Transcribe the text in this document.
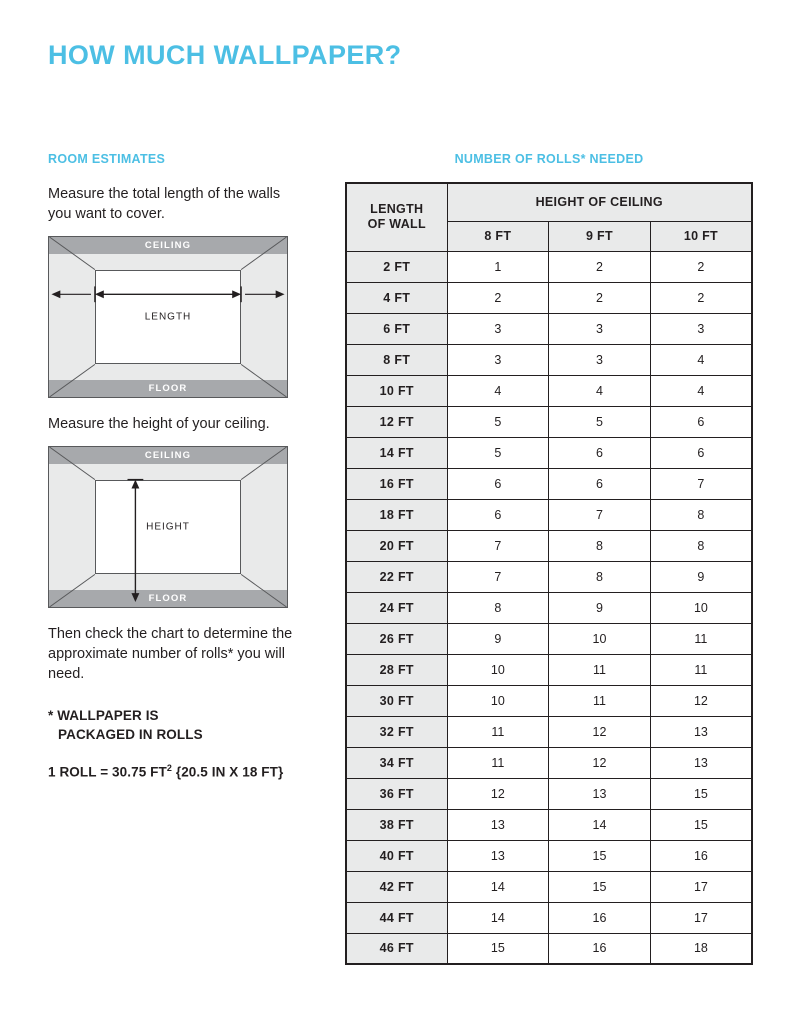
HOW MUCH WALLPAPER?
ROOM ESTIMATES

Measure the total length of the walls you want to cover.

CEILING
FLOOR
LENGTH

Measure the height of your ceiling.

CEILING
FLOOR
HEIGHT

Then check the chart to determine the approximate number of rolls* you will need.

* WALLPAPER IS
PACKAGED IN ROLLS
1 ROLL = 30.75 $FT^2$ {20.5 IN X 18 FT}
NUMBER OF ROLLS* NEEDED
LENGTH
OF WALL	HEIGHT OF CEILING		
	8 FT	9 FT	10 FT
2 FT	1	2	2
4 FT	2	2	2
6 FT	3	3	3
8 FT	3	3	4
10 FT	4	4	4
12 FT	5	5	6
14 FT	5	6	6
16 FT	6	6	7
18 FT	6	7	8
20 FT	7	8	8
22 FT	7	8	9
24 FT	8	9	10
26 FT	9	10	11
28 FT	10	11	11
30 FT	10	11	12
32 FT	11	12	13
34 FT	11	12	13
36 FT	12	13	15
38 FT	13	14	15
40 FT	13	15	16
42 FT	14	15	17
44 FT	14	16	17
46 FT	15	16	18
